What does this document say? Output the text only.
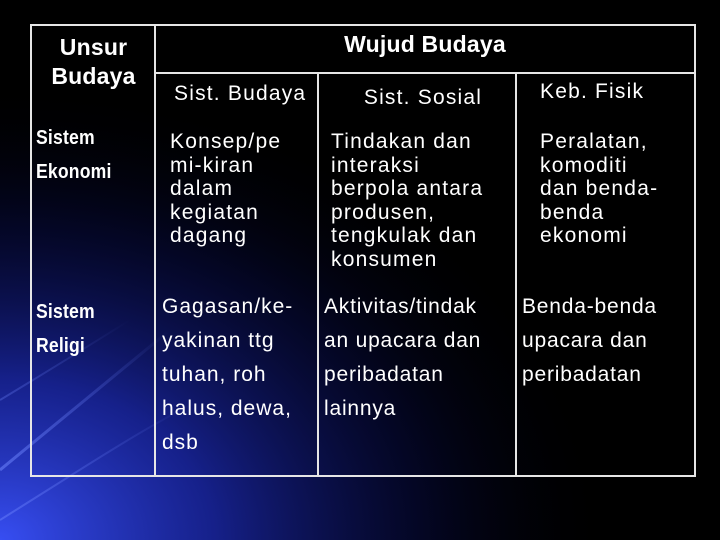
Unsur
Budaya
Wujud Budaya
Sist. Budaya	Sist. Sosial	Keb. Fisik
Sistem
Ekonomi
Konsep/pe
mi-kiran
dalam
kegiatan
dagang
Tindakan dan
interaksi
berpola antara
produsen,
tengkulak dan
konsumen
Peralatan,
komoditi
dan benda-
benda
ekonomi
Sistem
Religi
Gagasan/ke-
yakinan ttg
tuhan, roh
halus, dewa,
dsb
Aktivitas/tindak
an upacara dan
peribadatan
lainnya
Benda-benda
upacara dan
peribadatan
